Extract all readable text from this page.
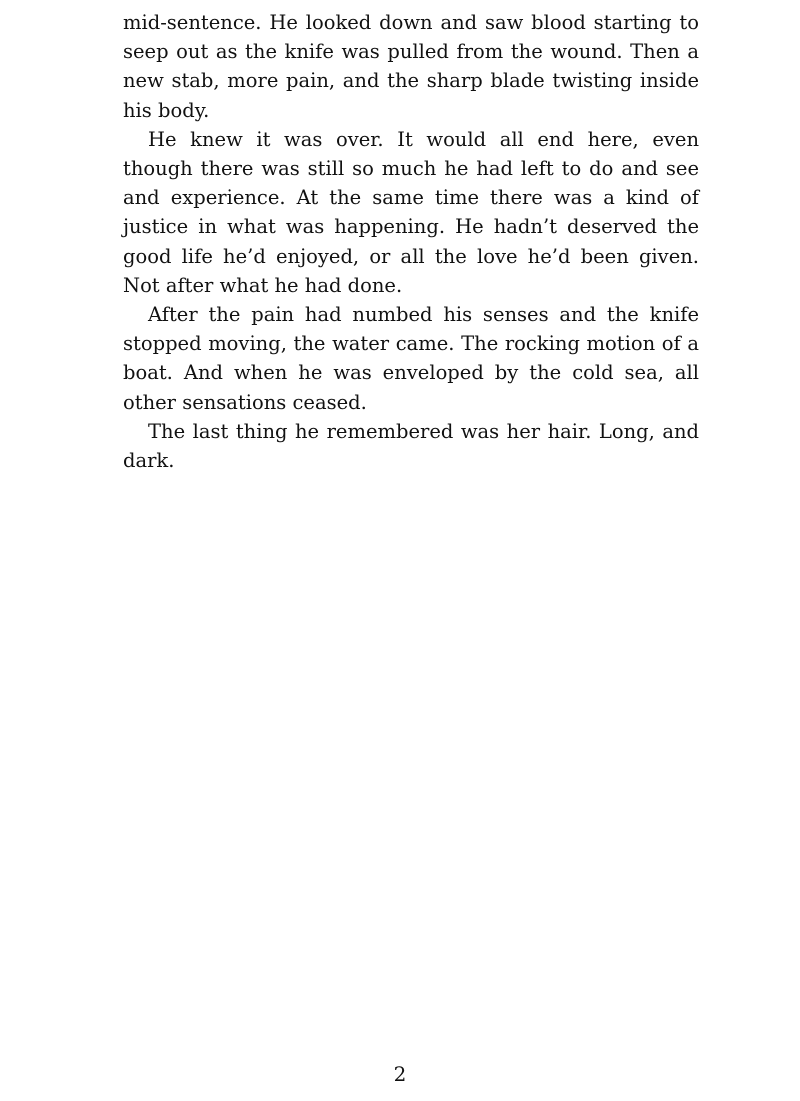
mid-sentence. He looked down and saw blood starting to seep out as the knife was pulled from the wound. Then a new stab, more pain, and the sharp blade twisting inside his body.

He knew it was over. It would all end here, even though there was still so much he had left to do and see and experience. At the same time there was a kind of justice in what was happening. He hadn’t deserved the good life he’d enjoyed, or all the love he’d been given. Not after what he had done.

After the pain had numbed his senses and the knife stopped moving, the water came. The rocking motion of a boat. And when he was enveloped by the cold sea, all other sensations ceased.

The last thing he remembered was her hair. Long, and dark.

2
